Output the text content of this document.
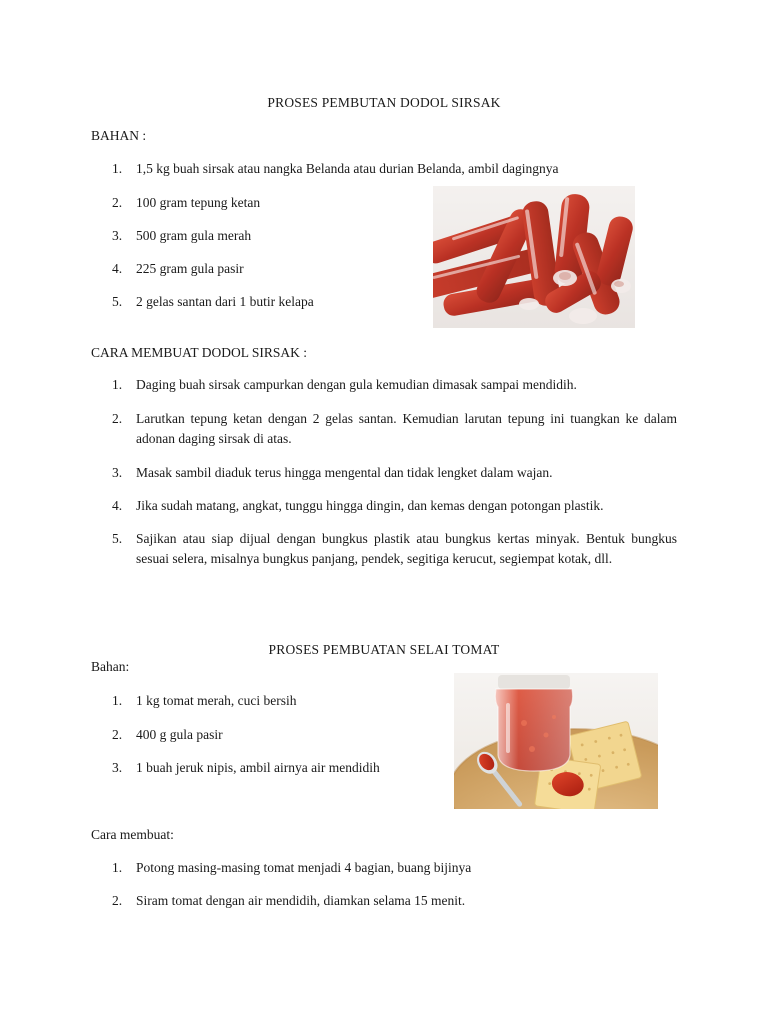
PROSES PEMBUTAN DODOL SIRSAK
BAHAN :
1.	1,5 kg buah sirsak atau nangka Belanda atau durian Belanda, ambil dagingnya
2.	100 gram tepung ketan
3.	500 gram gula merah
4.	225 gram gula pasir
5.	2 gelas santan dari 1 butir kelapa
CARA MEMBUAT DODOL SIRSAK :
1.	Daging buah sirsak campurkan dengan gula kemudian dimasak sampai mendidih.
2.	Larutkan tepung ketan dengan 2 gelas santan. Kemudian larutan tepung ini tuangkan ke dalam adonan daging sirsak di atas.
3.	Masak sambil diaduk terus hingga mengental dan tidak lengket dalam wajan.
4.	Jika sudah matang, angkat, tunggu hingga dingin, dan kemas dengan potongan plastik.
5.	Sajikan atau siap dijual dengan bungkus plastik atau bungkus kertas minyak. Bentuk bungkus sesuai selera, misalnya bungkus panjang, pendek, segitiga kerucut, segiempat kotak, dll.
PROSES PEMBUATAN SELAI TOMAT
Bahan:
1.	1 kg tomat merah, cuci bersih
2.	400 g gula pasir
3.	1 buah jeruk nipis, ambil airnya air mendidih
Cara membuat:
1.	Potong masing-masing tomat menjadi 4 bagian, buang bijinya
2.	Siram tomat dengan air mendidih, diamkan selama 15 menit.
